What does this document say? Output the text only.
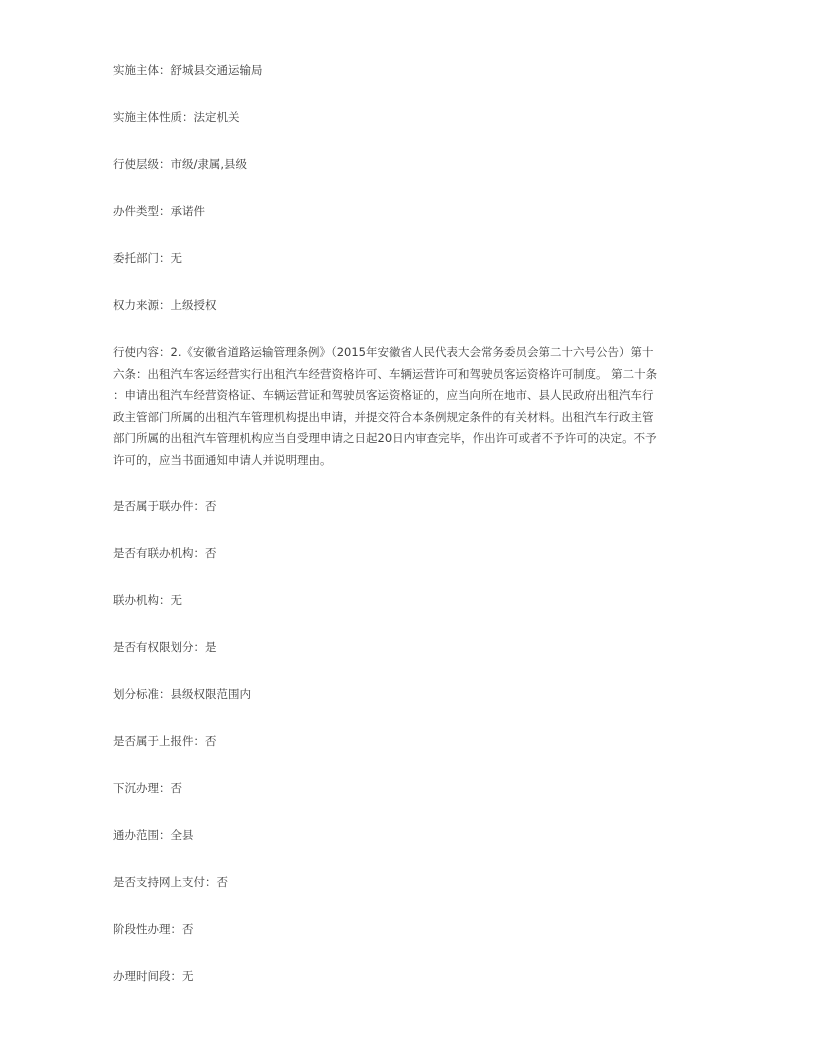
实施主体：舒城县交通运输局
实施主体性质：法定机关
行使层级：市级/隶属,县级
办件类型：承诺件
委托部门：无
权力来源：上级授权
行使内容：2.《安徽省道路运输管理条例》（2015年安徽省人民代表大会常务委员会第二十六号公告）第十
六条：出租汽车客运经营实行出租汽车经营资格许可、车辆运营许可和驾驶员客运资格许可制度。 第二十条
：申请出租汽车经营资格证、车辆运营证和驾驶员客运资格证的，应当向所在地市、县人民政府出租汽车行
政主管部门所属的出租汽车管理机构提出申请，并提交符合本条例规定条件的有关材料。出租汽车行政主管
部门所属的出租汽车管理机构应当自受理申请之日起20日内审查完毕，作出许可或者不予许可的决定。不予
许可的，应当书面通知申请人并说明理由。
是否属于联办件：否
是否有联办机构：否
联办机构：无
是否有权限划分：是
划分标准：县级权限范围内
是否属于上报件：否
下沉办理：否
通办范围：全县
是否支持网上支付：否
阶段性办理：否
办理时间段：无
